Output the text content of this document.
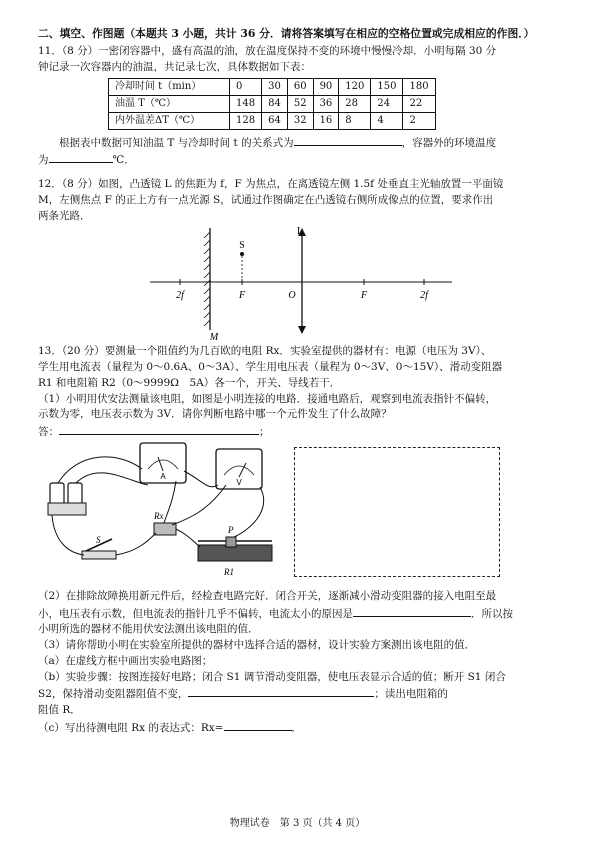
二、填空、作图题（本题共 3 小题，共计 36 分．请将答案填写在相应的空格位置或完成相应的作图．）

11．（8 分）一密闭容器中，盛有高温的油，放在温度保持不变的环境中慢慢冷却．小明每隔 30 分

钟记录一次容器内的油温，共记录七次，具体数据如下表：

冷却时间 t（min）	0	30	60	90	120	150	180
油温 T（℃）	148	84	52	36	28	24	22
内外温差ΔT（℃）	128	64	32	16	8	4	2

根据表中数据可知油温 T 与冷却时间 t 的关系式为	，容器外的环境温度

为	℃．

12．（8 分）如图，凸透镜 L 的焦距为 f，F 为焦点，在离透镜左侧 1.5f 处垂直主光轴放置一平面镜

M，左侧焦点 F 的正上方有一点光源 S，试通过作图确定在凸透镜右侧所成像点的位置，要求作出

两条光路．

L
S
2f	F	O	F	2f
M

13．（20 分）要测量一个阻值约为几百欧的电阻 Rx．实验室提供的器材有：电源（电压为 3V）、

学生用电流表（量程为 0～0.6A、0～3A）、学生用电压表（量程为 0～3V、0～15V）、滑动变阻器

R1 和电阻箱 R2（0～9999Ω　5A）各一个，开关、导线若干．

（1）小明用伏安法测量该电阻，如图是小明连接的电路．接通电路后，观察到电流表指针不偏转，

示数为零，电压表示数为 3V．请你判断电路中哪一个元件发生了什么故障？

答：	；

A
V
Rx
S
P
R1

（2）在排除故障换用新元件后，经检查电路完好．闭合开关，逐渐减小滑动变阻器的接入电阻至最

小，电压表有示数，但电流表的指针几乎不偏转，电流太小的原因是	．所以按

小明所选的器材不能用伏安法测出该电阻的值．

（3）请你帮助小明在实验室所提供的器材中选择合适的器材，设计实验方案测出该电阻的值．

（a）在虚线方框中画出实验电路图；

（b）实验步骤：按图连接好电路；闭合 S1 调节滑动变阻器，使电压表显示合适的值；断开 S1 闭合

S2，保持滑动变阻器阻值不变，	；读出电阻箱的

阻值 R．

（c）写出待测电阻 Rx 的表达式：Rx=	．

物理试卷　第 3 页（共 4 页）
